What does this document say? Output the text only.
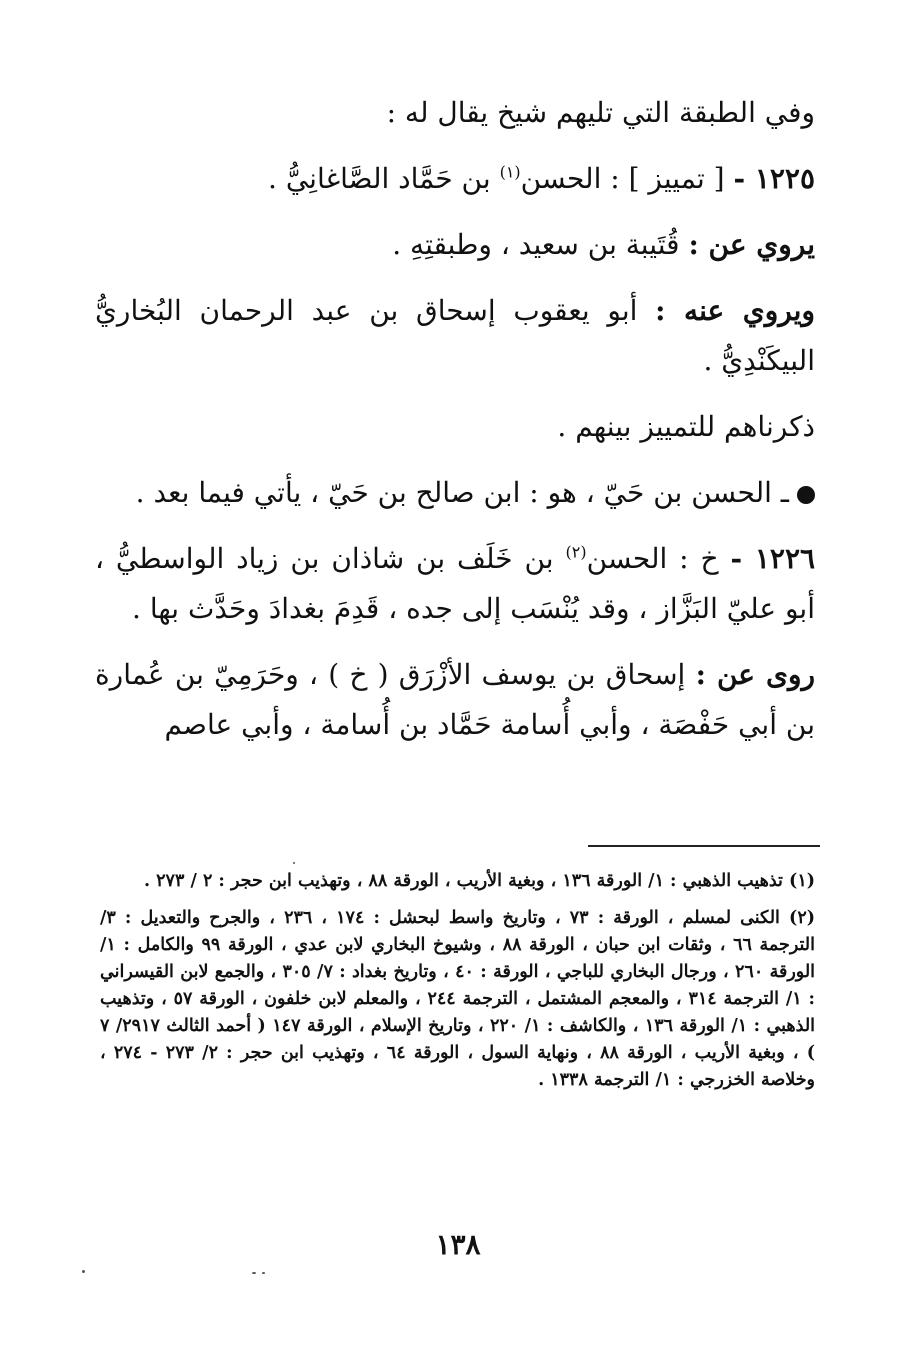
وفي الطبقة التي تليهم شيخ يقال له :

١٢٢٥ - [ تمييز ] : الحسن$^{(١)}$ بن حَمَّاد الصَّاغانِيُّ .

يروي عن : قُتَيبة بن سعيد ، وطبقتِهِ .

ويروي عنه : أبو يعقوب إسحاق بن عبد الرحمان البُخاريُّ البيكَنْدِيُّ .

ذكرناهم للتمييز بينهم .

ـ الحسن بن حَيّ ، هو : ابن صالح بن حَيّ ، يأتي فيما بعد .

١٢٢٦ - خ : الحسن$^{(٢)}$ بن خَلَف بن شاذان بن زياد الواسطيُّ ، أبو عليّ البَزَّاز ، وقد يُنْسَب إلى جده ، قَدِمَ بغدادَ وحَدَّث بها .

روى عن : إسحاق بن يوسف الأزْرَق ( خ ) ، وحَرَمِيّ بن عُمارة بن أبي حَفْصَة ، وأبي أُسامة حَمَّاد بن أُسامة ، وأبي عاصم

(١) تذهيب الذهبي : ١/ الورقة ١٣٦ ، وبغية الأريب ، الورقة ٨٨ ، وتهذيب ابن حجر : ٢ / ٢٧٣ .

(٢) الكنى لمسلم ، الورقة : ٧٣ ، وتاريخ واسط لبحشل : ١٧٤ ، ٢٣٦ ، والجرح والتعديل : ٣/ الترجمة ٦٦ ، وثقات ابن حبان ، الورقة ٨٨ ، وشيوخ البخاري لابن عدي ، الورقة ٩٩ والكامل : ١/ الورقة ٢٦٠ ، ورجال البخاري للباجي ، الورقة : ٤٠ ، وتاريخ بغداد : ٧/ ٣٠٥ ، والجمع لابن القيسراني : ١/ الترجمة ٣١٤ ، والمعجم المشتمل ، الترجمة ٢٤٤ ، والمعلم لابن خلفون ، الورقة ٥٧ ، وتذهيب الذهبي : ١/ الورقة ١٣٦ ، والكاشف : ١/ ٢٢٠ ، وتاريخ الإسلام ، الورقة ١٤٧ ( أحمد الثالث ٢٩١٧/ ٧ ) ، وبغية الأريب ، الورقة ٨٨ ، ونهاية السول ، الورقة ٦٤ ، وتهذيب ابن حجر : ٢/ ٢٧٣ - ٢٧٤ ، وخلاصة الخزرجي : ١/ الترجمة ١٣٣٨ .

١٣٨
